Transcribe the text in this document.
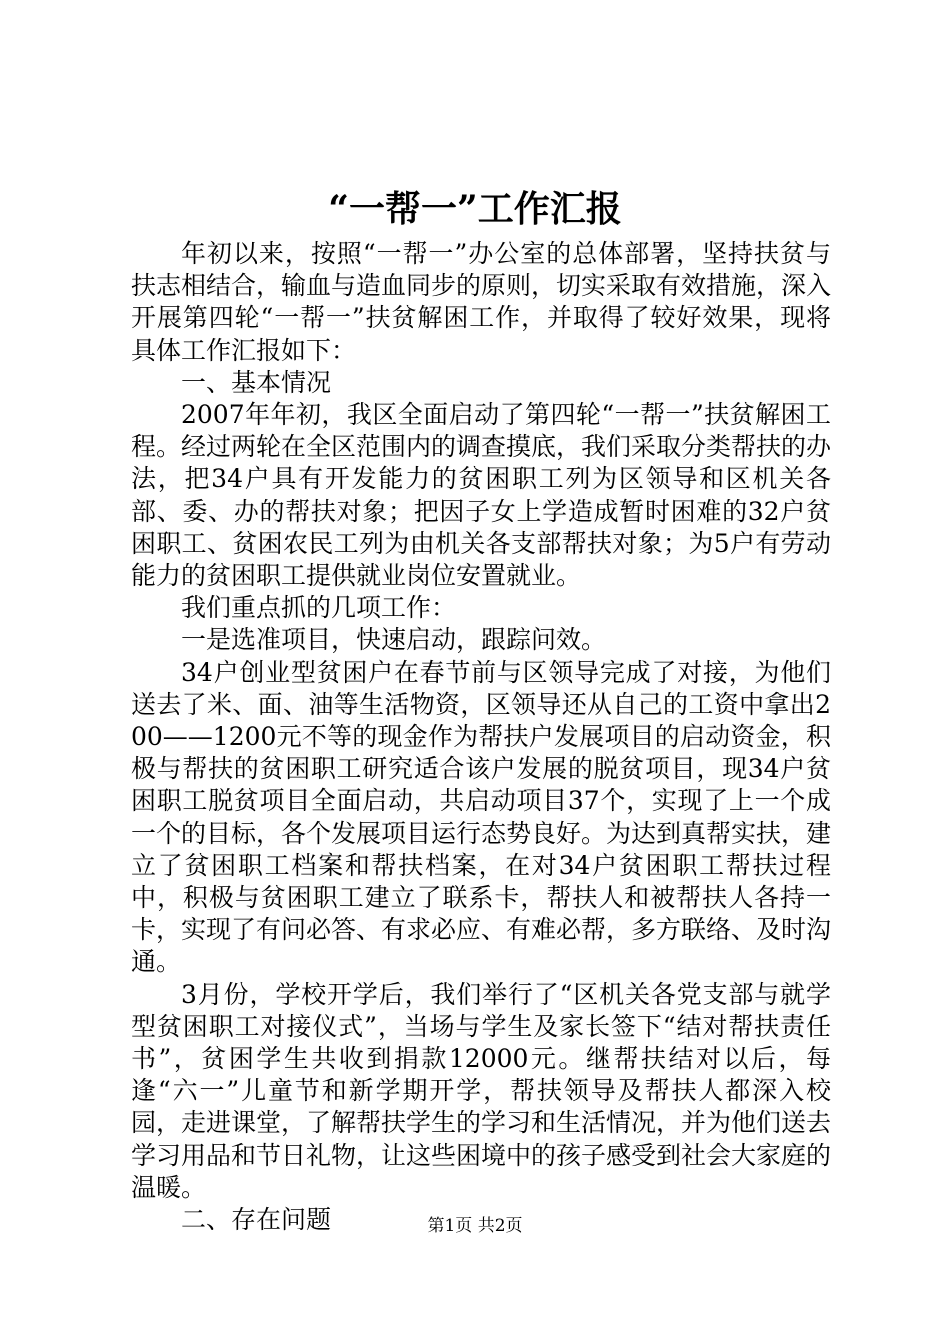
“一帮一”工作汇报

年初以来，按照“一帮一”办公室的总体部署，坚持扶贫与扶志相结合，输血与造血同步的原则，切实采取有效措施，深入开展第四轮“一帮一”扶贫解困工作，并取得了较好效果，现将具体工作汇报如下：

一、基本情况

2007年年初，我区全面启动了第四轮“一帮一”扶贫解困工程。经过两轮在全区范围内的调查摸底，我们采取分类帮扶的办法，把34户具有开发能力的贫困职工列为区领导和区机关各部、委、办的帮扶对象；把因子女上学造成暂时困难的32户贫困职工、贫困农民工列为由机关各支部帮扶对象；为5户有劳动能力的贫困职工提供就业岗位安置就业。

我们重点抓的几项工作：

一是选准项目，快速启动，跟踪问效。

34户创业型贫困户在春节前与区领导完成了对接，为他们送去了米、面、油等生活物资，区领导还从自己的工资中拿出200——1200元不等的现金作为帮扶户发展项目的启动资金，积极与帮扶的贫困职工研究适合该户发展的脱贫项目，现34户贫困职工脱贫项目全面启动，共启动项目37个，实现了上一个成一个的目标，各个发展项目运行态势良好。为达到真帮实扶，建立了贫困职工档案和帮扶档案，在对34户贫困职工帮扶过程中，积极与贫困职工建立了联系卡，帮扶人和被帮扶人各持一卡，实现了有问必答、有求必应、有难必帮，多方联络、及时沟通。

3月份，学校开学后，我们举行了“区机关各党支部与就学型贫困职工对接仪式”，当场与学生及家长签下“结对帮扶责任书”，贫困学生共收到捐款12000元。继帮扶结对以后，每逢“六一”儿童节和新学期开学，帮扶领导及帮扶人都深入校园，走进课堂，了解帮扶学生的学习和生活情况，并为他们送去学习用品和节日礼物，让这些困境中的孩子感受到社会大家庭的温暖。

二、存在问题	第1页 共2页
